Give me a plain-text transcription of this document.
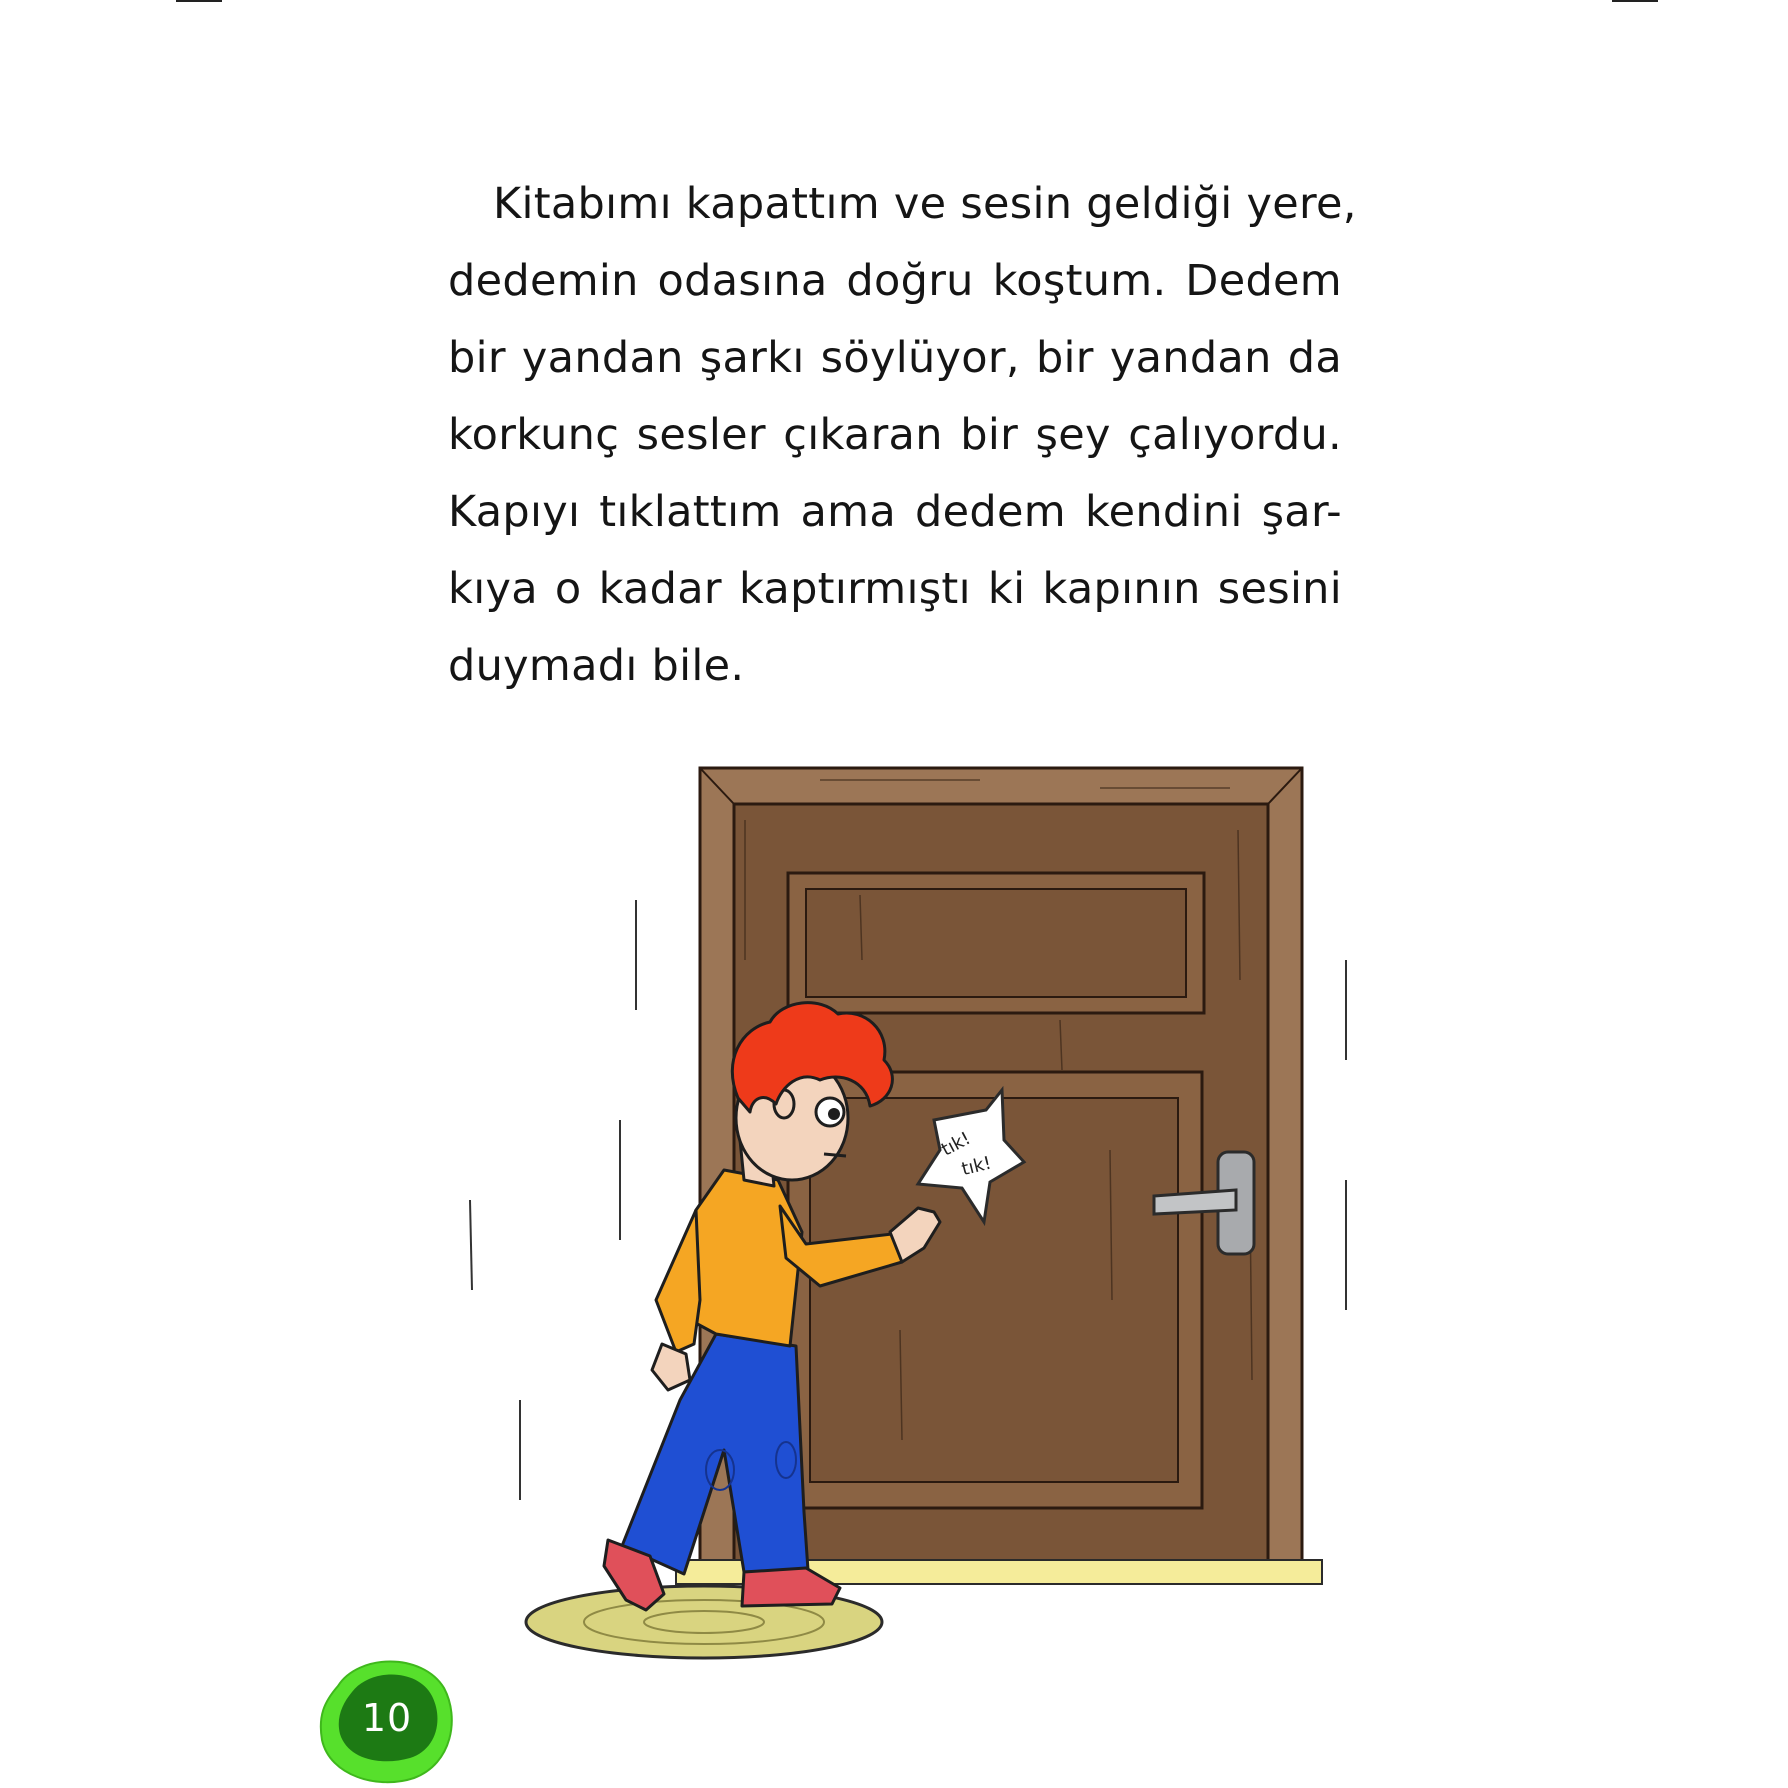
Kitabımı kapattım ve sesin geldiği yere,
dedemin odasına doğru koştum. Dedem
bir yandan şarkı söylüyor, bir yandan da
korkunç sesler çıkaran bir şey çalıyordu.
Kapıyı tıklattım ama dedem kendini şar-
kıya o kadar kaptırmıştı ki kapının sesini
duymadı bile.

tık!
tık!
10
